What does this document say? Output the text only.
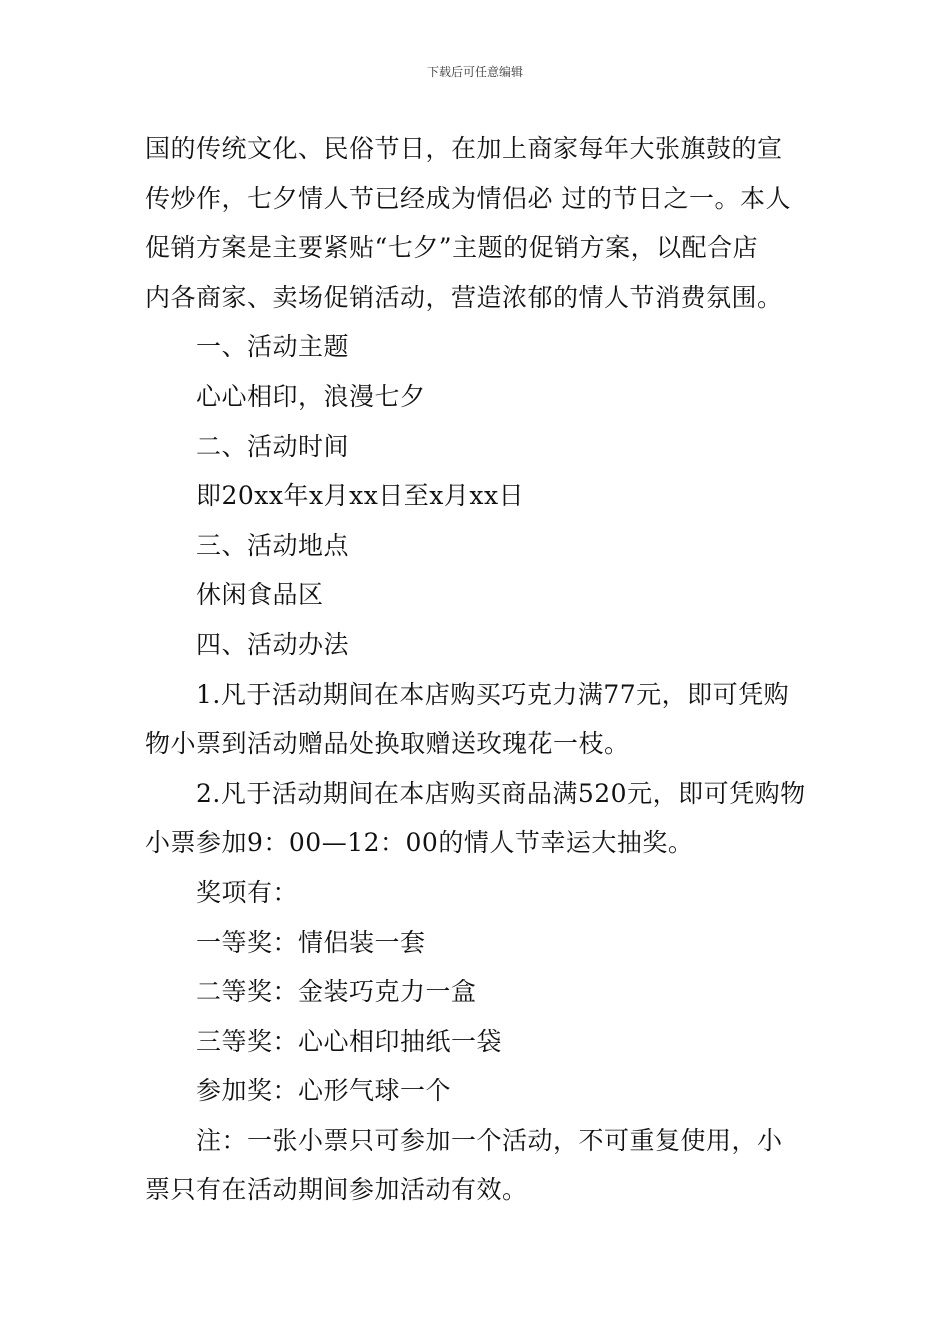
下载后可任意编辑
国的传统文化、民俗节日，在加上商家每年大张旗鼓的宣
传炒作，七夕情人节已经成为情侣必 过的节日之一。本人
促销方案是主要紧贴“七夕”主题的促销方案，以配合店
内各商家、卖场促销活动，营造浓郁的情人节消费氛围。
一、活动主题
心心相印，浪漫七夕
二、活动时间
即20xx年x月xx日至x月xx日
三、活动地点
休闲食品区
四、活动办法
1.凡于活动期间在本店购买巧克力满77元，即可凭购
物小票到活动赠品处换取赠送玫瑰花一枝。
2.凡于活动期间在本店购买商品满520元，即可凭购物
小票参加9：00—12：00的情人节幸运大抽奖。
奖项有：
一等奖：情侣装一套
二等奖：金装巧克力一盒
三等奖：心心相印抽纸一袋
参加奖：心形气球一个
注：一张小票只可参加一个活动，不可重复使用，小
票只有在活动期间参加活动有效。
